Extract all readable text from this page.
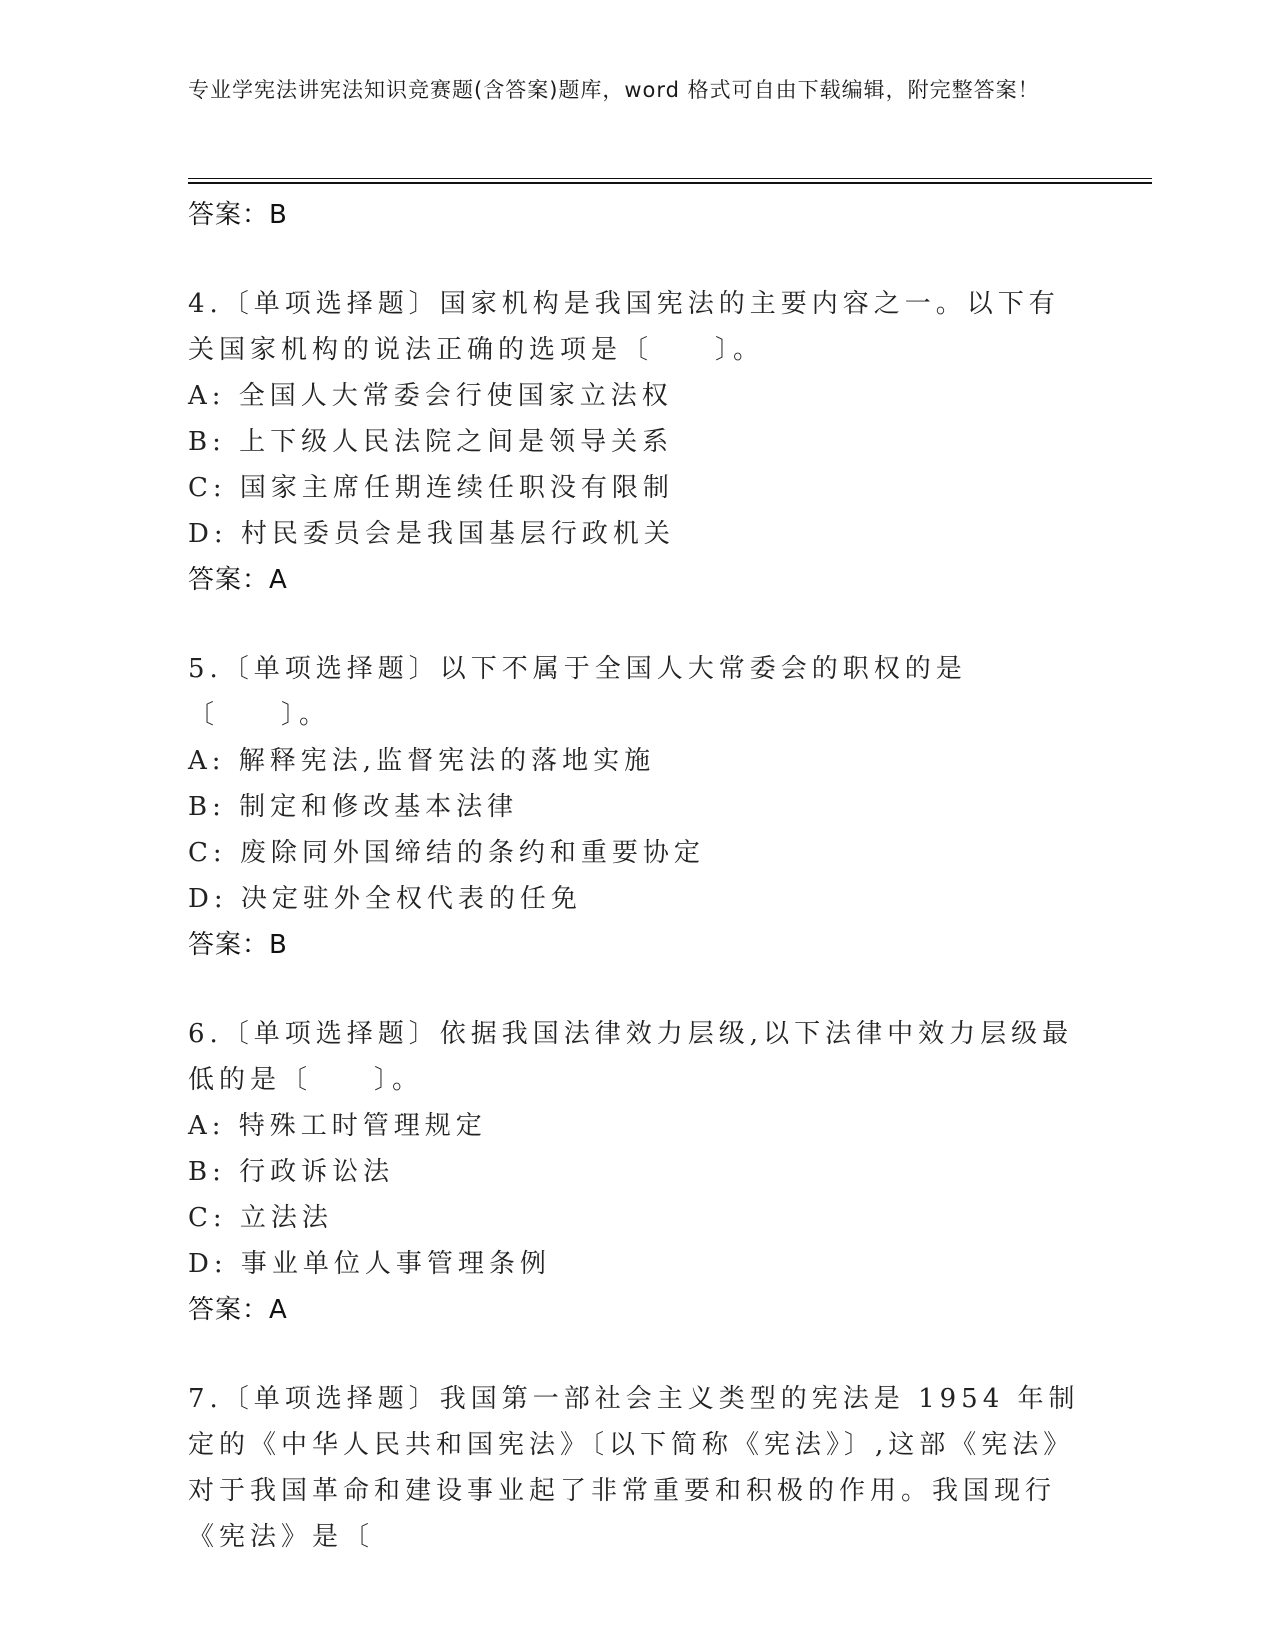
专业学宪法讲宪法知识竞赛题(含答案)题库，word 格式可自由下载编辑，附完整答案！
答案：B
4.〔单项选择题〕国家机构是我国宪法的主要内容之一。以下有关国家机构的说法正确的选项是〔　　〕。
A: 全国人大常委会行使国家立法权
B: 上下级人民法院之间是领导关系
C: 国家主席任期连续任职没有限制
D: 村民委员会是我国基层行政机关
答案：A
5.〔单项选择题〕以下不属于全国人大常委会的职权的是〔　　〕。
A: 解释宪法,监督宪法的落地实施
B: 制定和修改基本法律
C: 废除同外国缔结的条约和重要协定
D: 决定驻外全权代表的任免
答案：B
6.〔单项选择题〕依据我国法律效力层级,以下法律中效力层级最低的是〔　　〕。
A: 特殊工时管理规定
B: 行政诉讼法
C: 立法法
D: 事业单位人事管理条例
答案：A
7.〔单项选择题〕我国第一部社会主义类型的宪法是 1954 年制定的《中华人民共和国宪法》〔以下简称《宪法》〕,这部《宪法》对于我国革命和建设事业起了非常重要和积极的作用。我国现行《宪法》是〔
